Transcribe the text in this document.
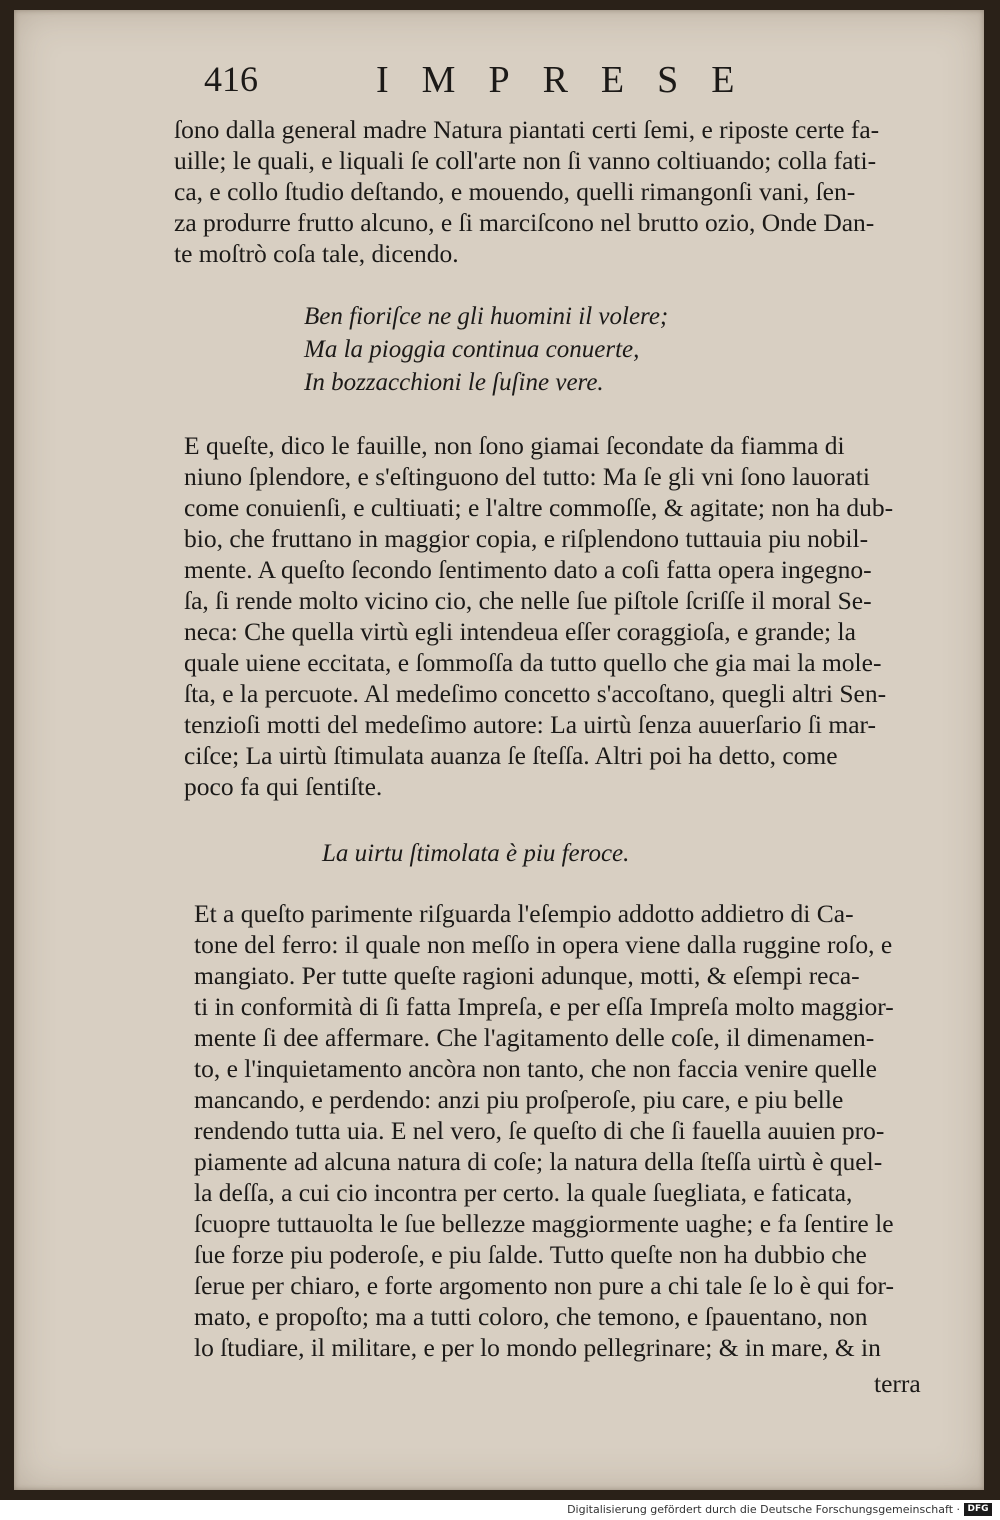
416	IMPRESE
ſono dalla general madre Natura piantati certi ſemi, e riposte certe fa-
uille; le quali, e liquali ſe coll'arte non ſi vanno coltiuando; colla fati-
ca, e collo ſtudio deſtando, e mouendo, quelli rimangonſi vani, ſen-
za produrre frutto alcuno, e ſi marciſcono nel brutto ozio, Onde Dan-
te moſtrò coſa tale, dicendo.
Ben fioriſce ne gli huomini il volere;
Ma la pioggia continua conuerte,
In bozzacchioni le ſuſine vere.
E queſte, dico le fauille, non ſono giamai ſecondate da fiamma di
niuno ſplendore, e s'eſtinguono del tutto: Ma ſe gli vni ſono lauorati
come conuienſi, e cultiuati; e l'altre commoſſe, & agitate; non ha dub-
bio, che fruttano in maggior copia, e riſplendono tuttauia piu nobil-
mente. A queſto ſecondo ſentimento dato a coſi fatta opera ingegno-
ſa, ſi rende molto vicino cio, che nelle ſue piſtole ſcriſſe il moral Se-
neca: Che quella virtù egli intendeua eſſer coraggioſa, e grande; la
quale uiene eccitata, e ſommoſſa da tutto quello che gia mai la mole-
ſta, e la percuote. Al medeſimo concetto s'accoſtano, quegli altri Sen-
tenzioſi motti del medeſimo autore: La uirtù ſenza auuerſario ſi mar-
ciſce; La uirtù ſtimulata auanza ſe ſteſſa. Altri poi ha detto, come
poco fa qui ſentiſte.
La uirtu ſtimolata è piu feroce.
Et a queſto parimente riſguarda l'eſempio addotto addietro di Ca-
tone del ferro: il quale non meſſo in opera viene dalla ruggine roſo, e
mangiato. Per tutte queſte ragioni adunque, motti, & eſempi reca-
ti in conformità di ſi fatta Impreſa, e per eſſa Impreſa molto maggior-
mente ſi dee affermare. Che l'agitamento delle coſe, il dimenamen-
to, e l'inquietamento ancòra non tanto, che non faccia venire quelle
mancando, e perdendo: anzi piu proſperoſe, piu care, e piu belle
rendendo tutta uia. E nel vero, ſe queſto di che ſi fauella auuien pro-
piamente ad alcuna natura di coſe; la natura della ſteſſa uirtù è quel-
la deſſa, a cui cio incontra per certo. la quale ſuegliata, e faticata,
ſcuopre tuttauolta le ſue bellezze maggiormente uaghe; e fa ſentire le
ſue forze piu poderoſe, e piu ſalde. Tutto queſte non ha dubbio che
ſerue per chiaro, e forte argomento non pure a chi tale ſe lo è qui for-
mato, e propoſto; ma a tutti coloro, che temono, e ſpauentano, non
lo ſtudiare, il militare, e per lo mondo pellegrinare; & in mare, & in
terra
Digitalisierung gefördert durch die Deutsche Forschungsgemeinschaft · DFG
